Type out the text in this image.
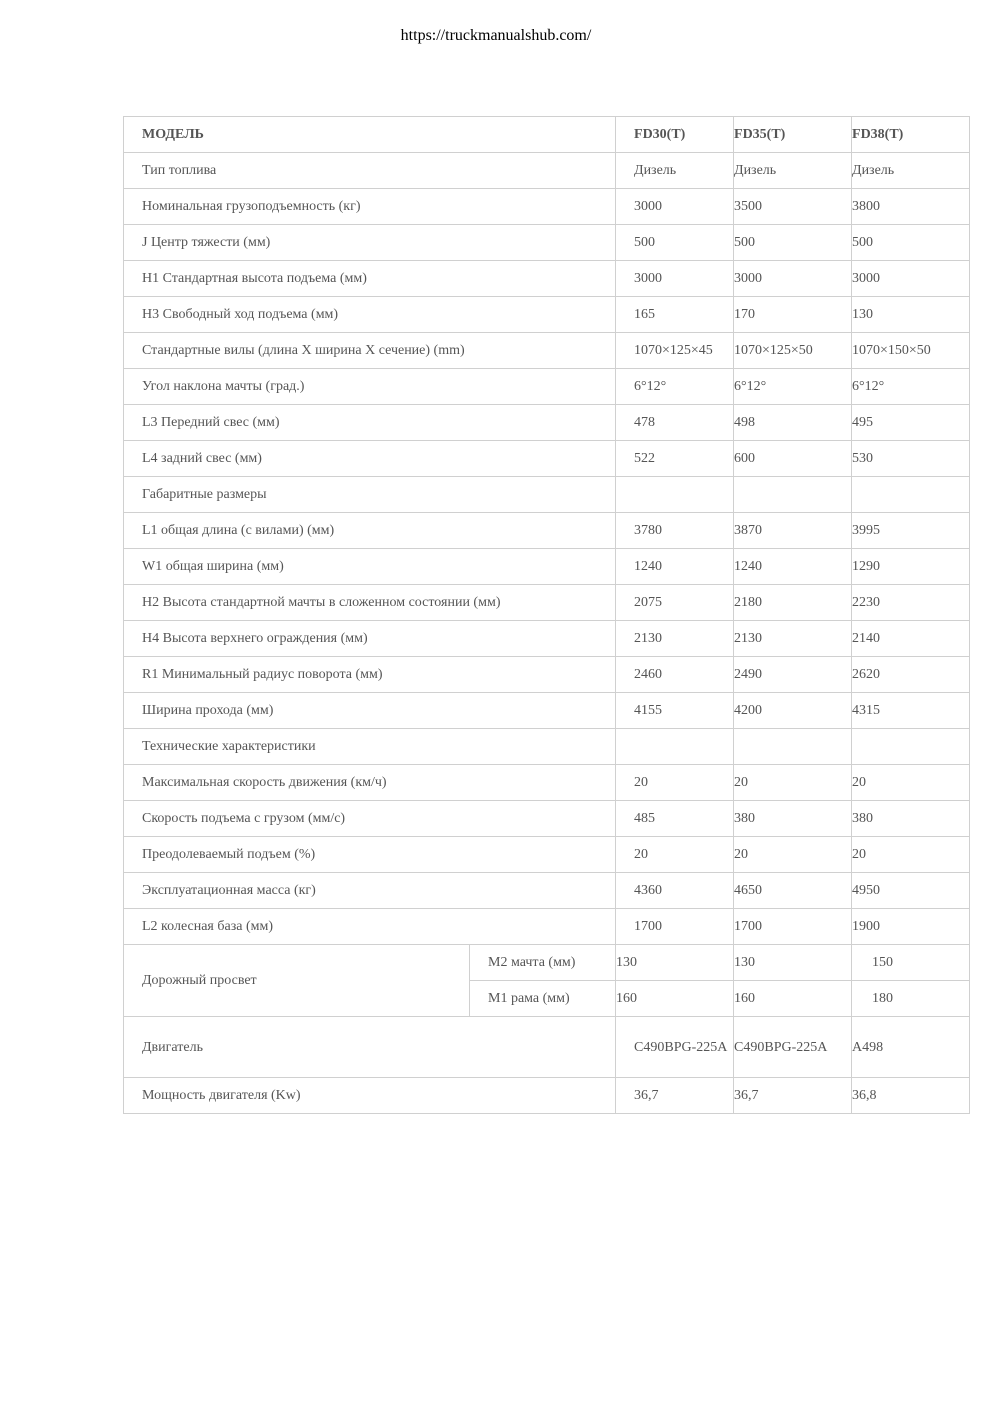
https://truckmanualshub.com/
МОДЕЛЬ		FD30(T)	FD35(T)	FD38(T)
Тип топлива		Дизель	Дизель	Дизель
Номинальная грузоподъемность (кг)		3000	3500	3800
J Центр тяжести (мм)		500	500	500
H1 Стандартная высота подъема (мм)		3000	3000	3000
H3 Свободный ход подъема (мм)		165	170	130
Стандартные вилы (длина X ширина X сечение) (mm)		1070×125×45	1070×125×50	1070×150×50
Угол наклона мачты (град.)		6°12°	6°12°	6°12°
L3 Передний свес (мм)		478	498	495
L4 задний свес (мм)		522	600	530
Габаритные размеры				
L1 общая длина (с вилами) (мм)		3780	3870	3995
W1 общая ширина (мм)		1240	1240	1290
H2 Высота стандартной мачты в сложенном состоянии (мм)		2075	2180	2230
H4 Высота верхнего ограждения (мм)		2130	2130	2140
R1 Минимальный радиус поворота (мм)		2460	2490	2620
Ширина прохода (мм)		4155	4200	4315
Технические характеристики				
Максимальная скорость движения (км/ч)		20	20	20
Скорость подъема с грузом (мм/с)		485	380	380
Преодолеваемый подъем (%)		20	20	20
Эксплуатационная масса (кг)		4360	4650	4950
L2 колесная база (мм)		1700	1700	1900
Дорожный просвет	M2 мачта (мм)	130	130	150
	M1 рама (мм)	160	160	180
Двигатель		C490BPG-225A	C490BPG-225A	A498
Мощность двигателя (Kw)		36,7	36,7	36,8
